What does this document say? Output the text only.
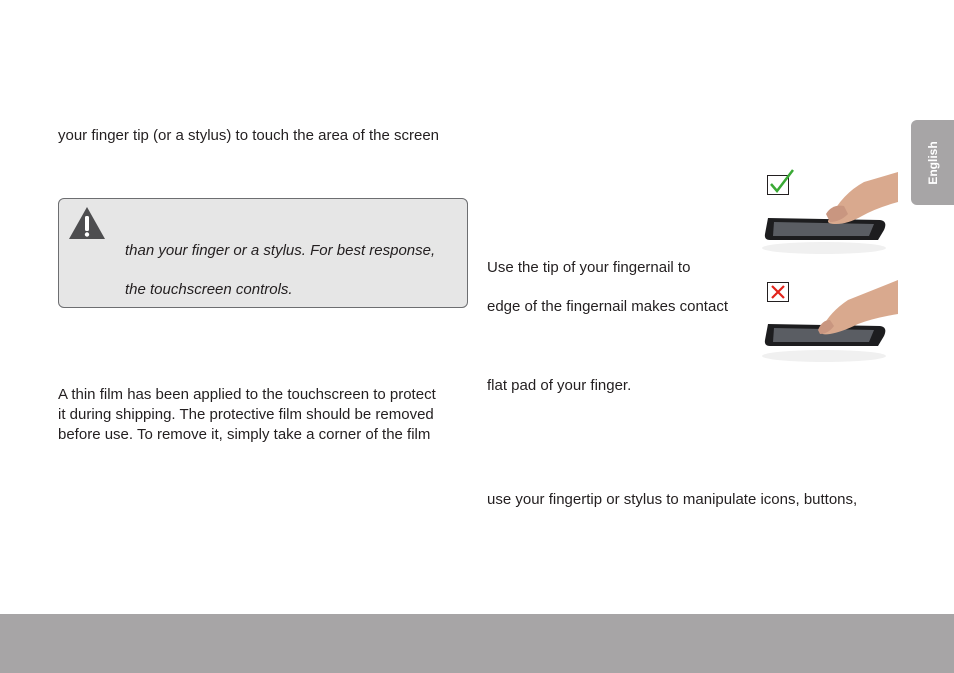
your finger tip (or a stylus) to touch the area of the screen
than your finger or a stylus. For best response,
the touchscreen controls.
A thin film has been applied to the touchscreen to protect
it during shipping. The protective film should be removed
before use. To remove it, simply take a corner of the film
Use the tip of your fingernail to
edge of the fingernail makes contact
flat pad of your finger.
use your fingertip or stylus to manipulate icons, buttons,
English
